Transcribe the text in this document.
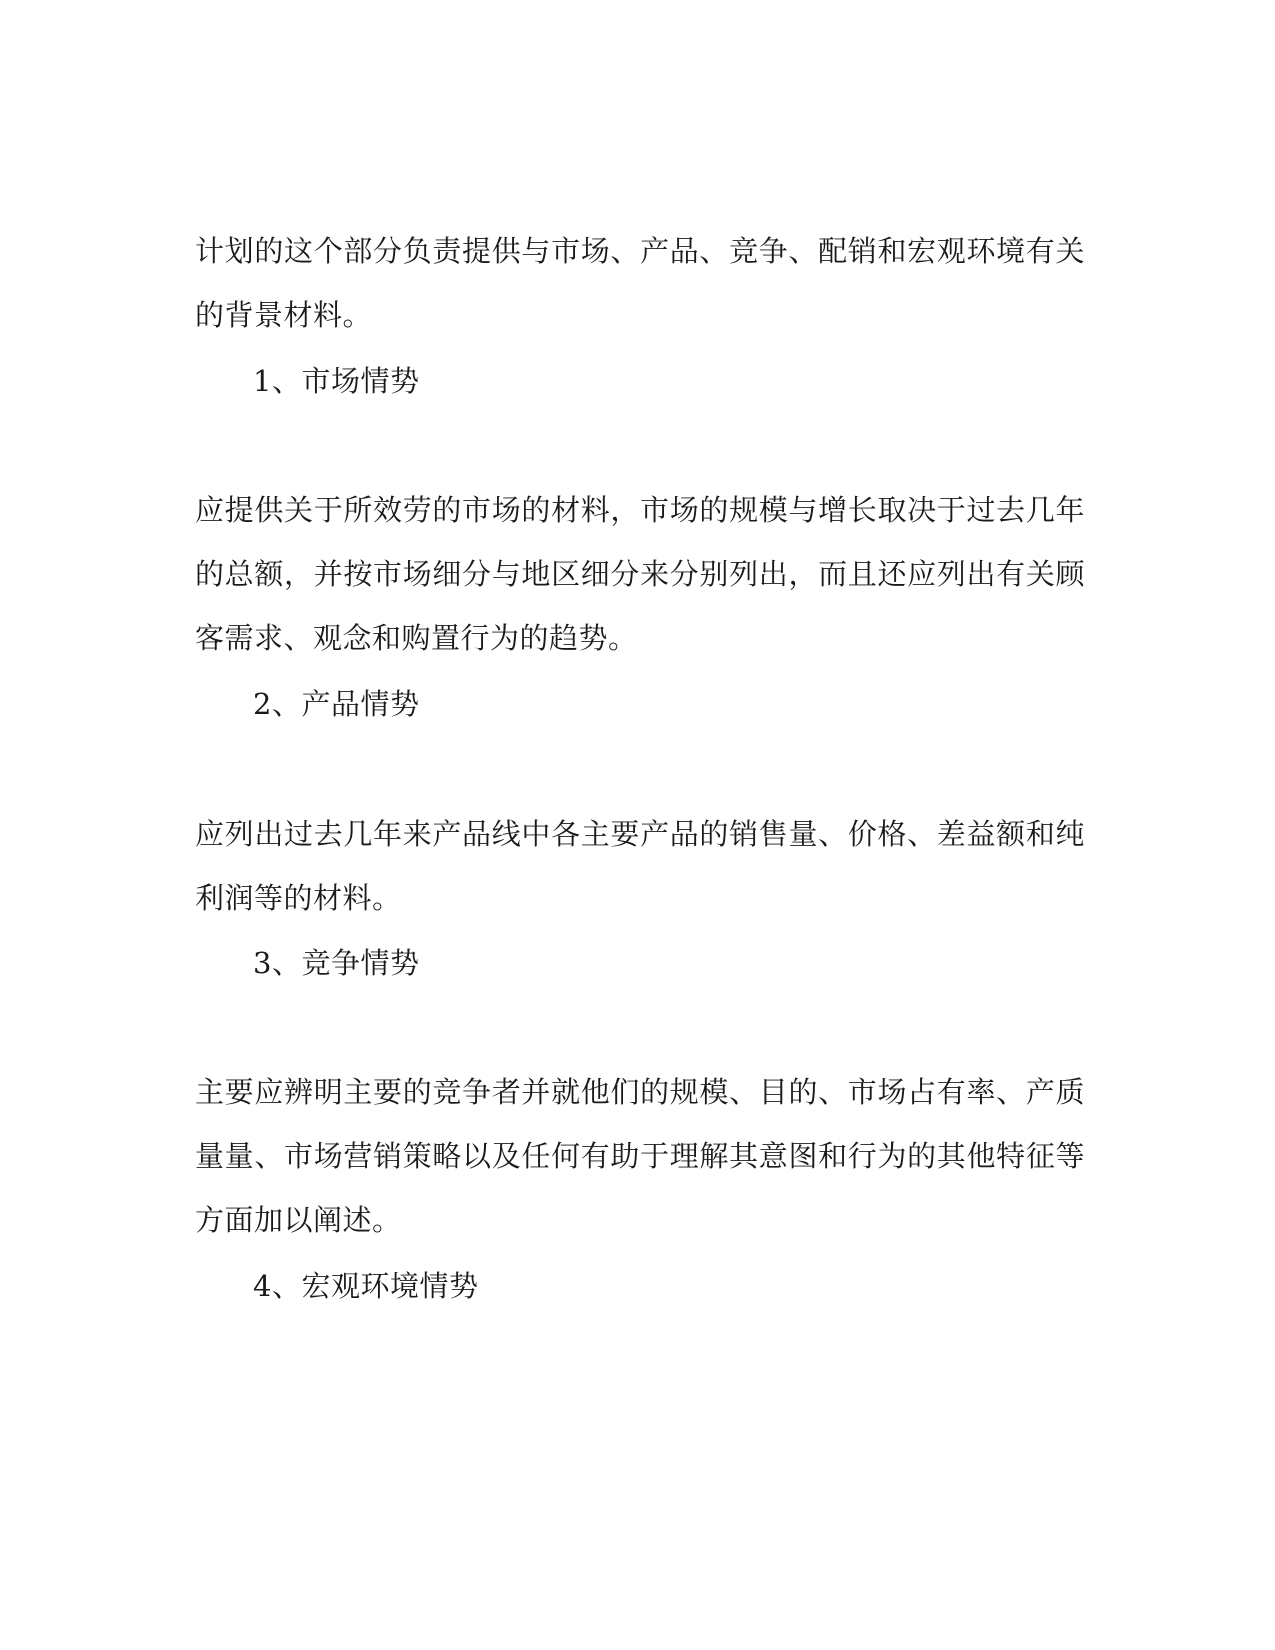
计划的这个部分负责提供与市场、产品、竞争、配销和宏观环境有关的背景材料。

1、市场情势

应提供关于所效劳的市场的材料，市场的规模与增长取决于过去几年的总额，并按市场细分与地区细分来分别列出，而且还应列出有关顾客需求、观念和购置行为的趋势。

2、产品情势

应列出过去几年来产品线中各主要产品的销售量、价格、差益额和纯利润等的材料。

3、竞争情势

主要应辨明主要的竞争者并就他们的规模、目的、市场占有率、产质量量、市场营销策略以及任何有助于理解其意图和行为的其他特征等方面加以阐述。

4、宏观环境情势
